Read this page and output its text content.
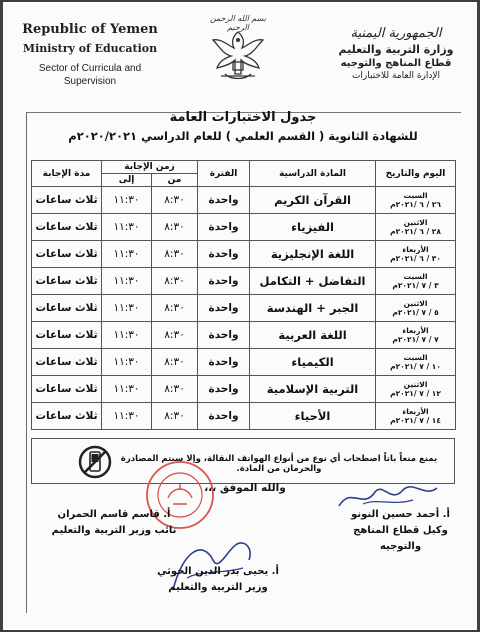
Republic of Yemen
Ministry of Education
Sector of Curricula and
Supervision
بسم الله الرحمن الرحيم	الجمهورية اليمنية
وزارة التربية والتعليم
قطاع المناهج والتوجيه
الإدارة العامة للاختبارات
جدول الاختبارات العامة
للشهادة الثانوية ( القسم العلمي ) للعام الدراسي ٢٠٢٠/٢٠٢١م
اليوم والتاريخ	المادة الدراسية	الفترة	زمن الإجابة		مدة الإجابة
			من	إلى	

السبت
٢٦ / ٦ /٢٠٢١م	القرآن الكريم	واحدة	٨:٣٠	١١:٣٠	ثلاث ساعات

الاثنين
٢٨ / ٦ /٢٠٢١م	الفيزياء	واحدة	٨:٣٠	١١:٣٠	ثلاث ساعات

الأربعاء
٣٠ / ٦ /٢٠٢١م	اللغة الإنجليزية	واحدة	٨:٣٠	١١:٣٠	ثلاث ساعات

السبت
٣ / ٧ /٢٠٢١م	التفاضل + التكامل	واحدة	٨:٣٠	١١:٣٠	ثلاث ساعات

الاثنين
٥ / ٧ /٢٠٢١م	الجبر + الهندسة	واحدة	٨:٣٠	١١:٣٠	ثلاث ساعات

الأربعاء
٧ / ٧ /٢٠٢١م	اللغة العربية	واحدة	٨:٣٠	١١:٣٠	ثلاث ساعات

السبت
١٠ / ٧ /٢٠٢١م	الكيمياء	واحدة	٨:٣٠	١١:٣٠	ثلاث ساعات

الاثنين
١٢ / ٧ /٢٠٢١م	التربية الإسلامية	واحدة	٨:٣٠	١١:٣٠	ثلاث ساعات

الأربعاء
١٤ / ٧ /٢٠٢١م	الأحياء	واحدة	٨:٣٠	١١:٣٠	ثلاث ساعات
يمنع منعاً باتاً اصطحاب أي نوع من أنواع الهواتف النقالة، وإلا سيتم المصادرة والحرمان من المادة.
والله الموفق ،،،
أ. أحمد حسين النونو
وكيل قطاع المناهج والتوجيه
أ. قاسم قاسم الحمران
نائب وزير التربية والتعليم
أ. يحيى بدر الدين الحوثي
وزير التربية والتعليم
